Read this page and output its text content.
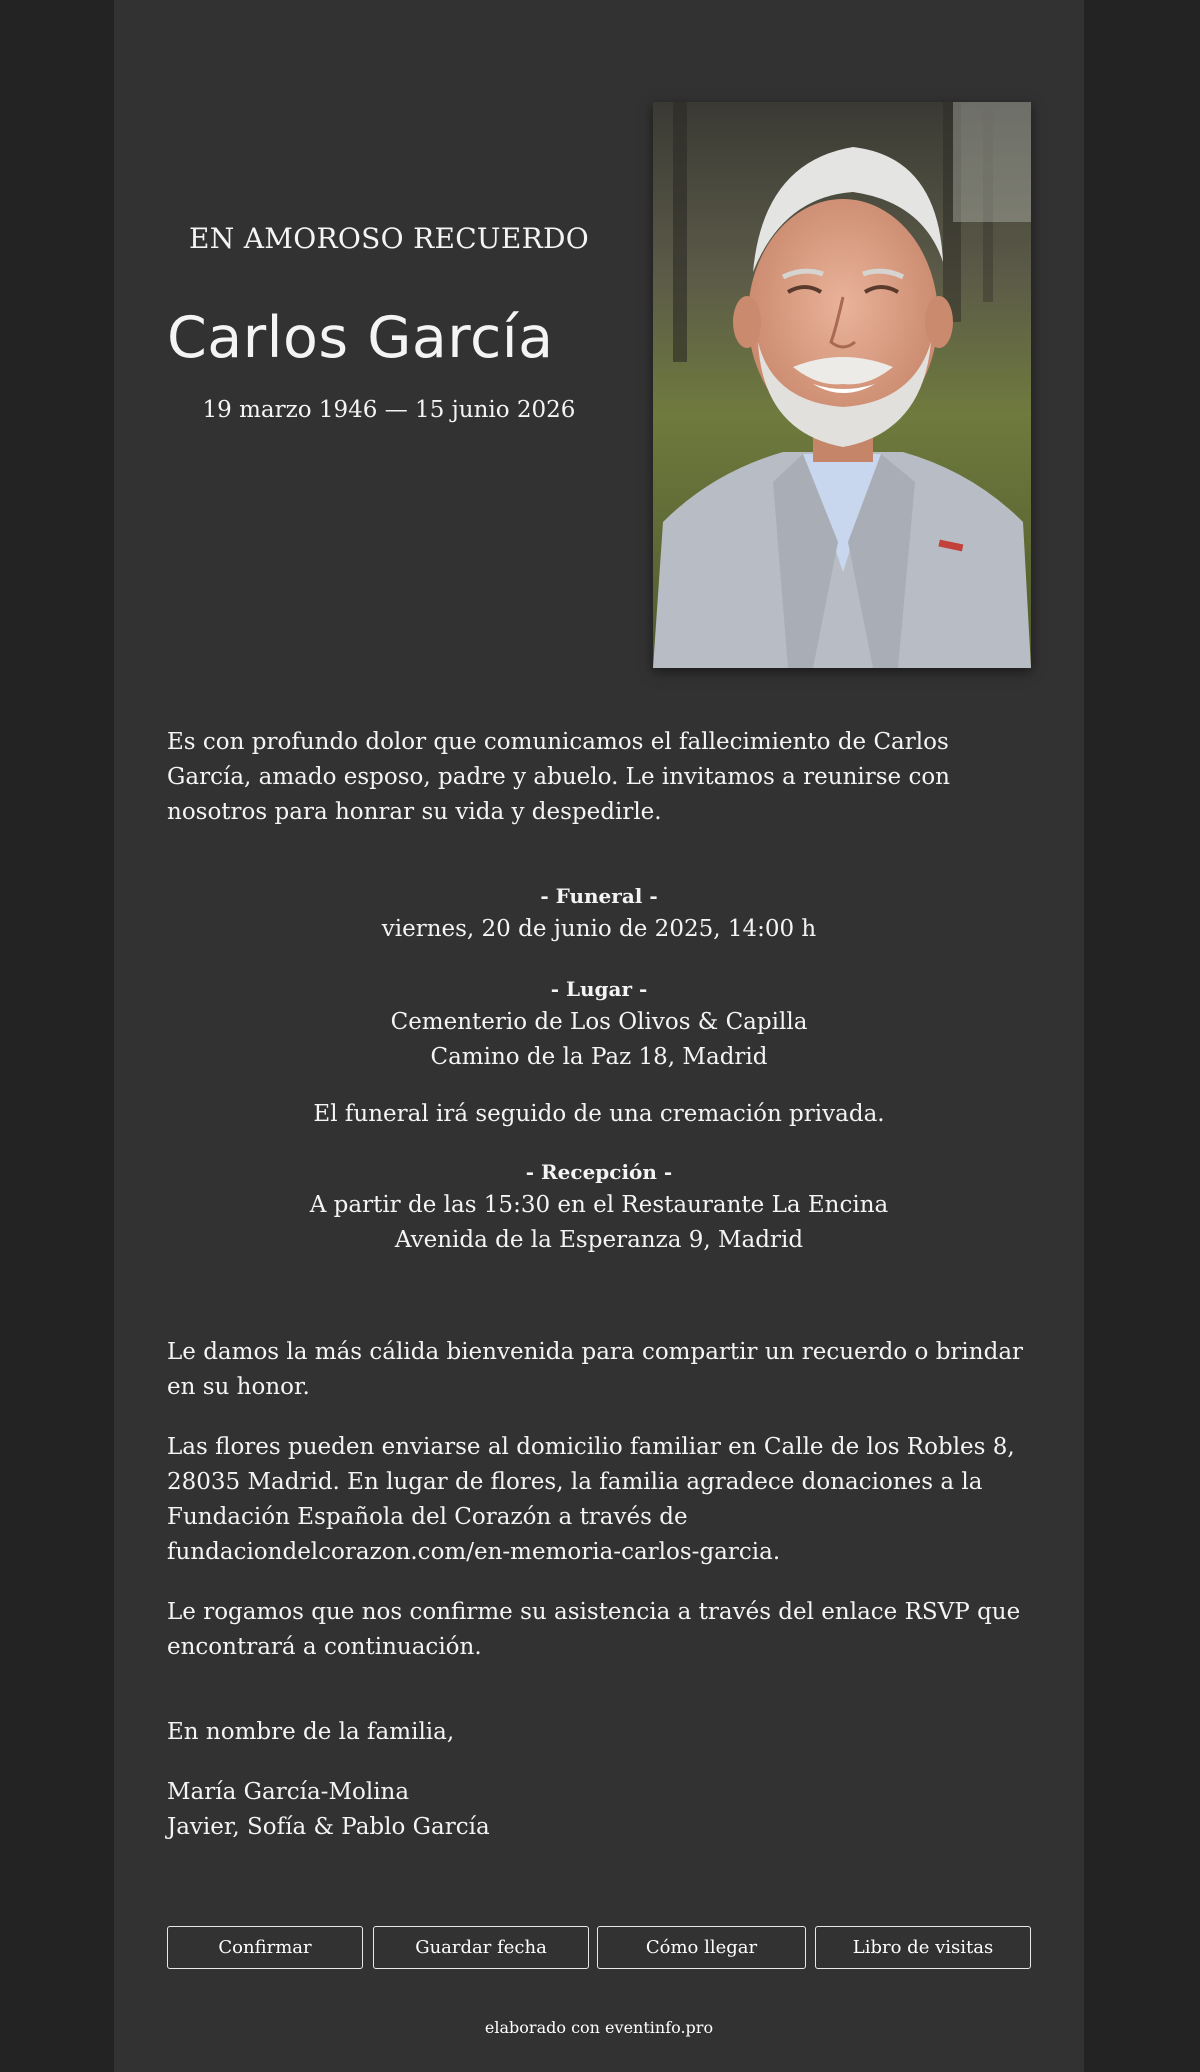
EN AMOROSO RECUERDO
Carlos García
19 marzo 1946 — 15 junio 2026
Es con profundo dolor que comunicamos el fallecimiento de Carlos García, amado esposo, padre y abuelo. Le invitamos a reunirse con nosotros para honrar su vida y despedirle.
- Funeral -
viernes, 20 de junio de 2025, 14:00 h
- Lugar -
Cementerio de Los Olivos & Capilla
Camino de la Paz 18, Madrid
El funeral irá seguido de una cremación privada.
- Recepción -
A partir de las 15:30 en el Restaurante La Encina
Avenida de la Esperanza 9, Madrid

Le damos la más cálida bienvenida para compartir un recuerdo o brindar en su honor.

Las flores pueden enviarse al domicilio familiar en Calle de los Robles 8, 28035 Madrid. En lugar de flores, la familia agradece donaciones a la Fundación Española del Corazón a través de fundaciondelcorazon.com/en-memoria-carlos-garcia.

Le rogamos que nos confirme su asistencia a través del enlace RSVP que encontrará a continuación.

En nombre de la familia,

María García-Molina
Javier, Sofía & Pablo García
Confirmar	Guardar fecha	Cómo llegar	Libro de visitas
elaborado con eventinfo.pro
